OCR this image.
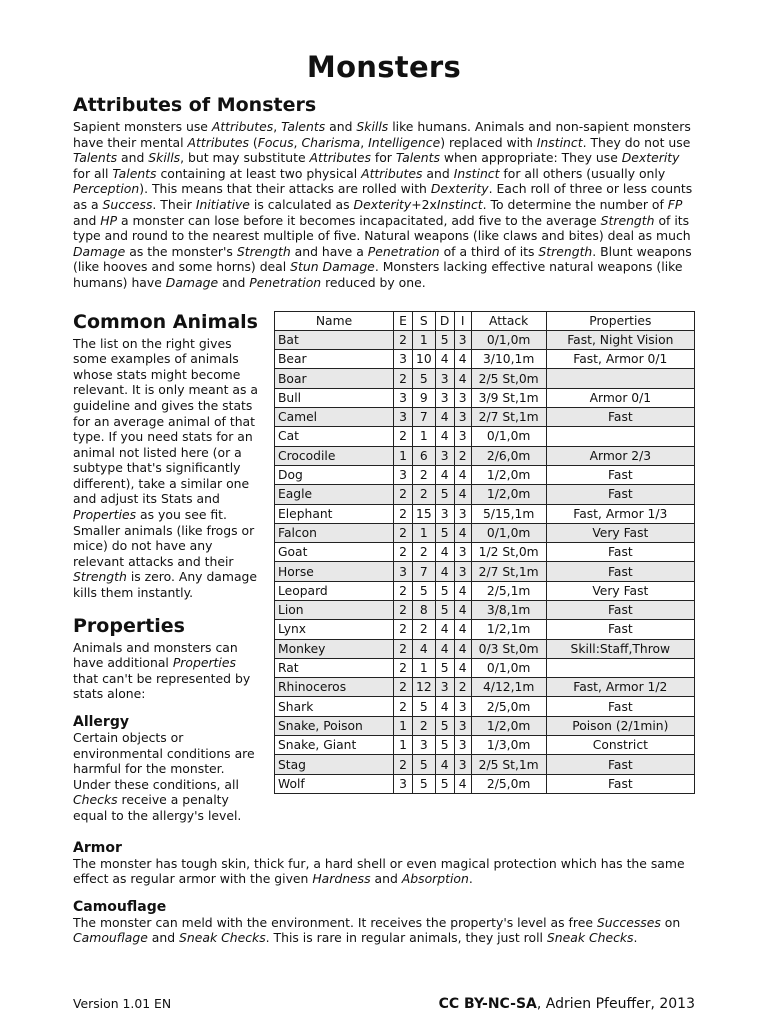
Monsters
Attributes of Monsters

Sapient monsters use Attributes, Talents and Skills like humans. Animals and non-sapient monsters have their mental Attributes (Focus, Charisma, Intelligence) replaced with Instinct. They do not use Talents and Skills, but may substitute Attributes for Talents when appropriate: They use Dexterity for all Talents containing at least two physical Attributes and Instinct for all others (usually only Perception). This means that their attacks are rolled with Dexterity. Each roll of three or less counts as a Success. Their Initiative is calculated as Dexterity+2xInstinct. To determine the number of FP and HP a monster can lose before it becomes incapacitated, add five to the average Strength of its type and round to the nearest multiple of five. Natural weapons (like claws and bites) deal as much Damage as the monster's Strength and have a Penetration of a third of its Strength. Blunt weapons (like hooves and some horns) deal Stun Damage. Monsters lacking effective natural weapons (like humans) have Damage and Penetration reduced by one.

Common Animals

The list on the right gives some examples of animals whose stats might become relevant. It is only meant as a guideline and gives the stats for an average animal of that type. If you need stats for an animal not listed here (or a subtype that's significantly different), take a similar one and adjust its Stats and Properties as you see fit.

Smaller animals (like frogs or mice) do not have any relevant attacks and their Strength is zero. Any damage kills them instantly.

Properties

Animals and monsters can have additional Properties that can't be represented by stats alone:

Allergy

Certain objects or environmental conditions are harmful for the monster. Under these conditions, all Checks receive a penalty equal to the allergy's level.

Name	E	S	D	I	Attack	Properties
Bat	2	1	5	3	0/1,0m	Fast, Night Vision
Bear	3	10	4	4	3/10,1m	Fast, Armor 0/1
Boar	2	5	3	4	2/5 St,0m	
Bull	3	9	3	3	3/9 St,1m	Armor 0/1
Camel	3	7	4	3	2/7 St,1m	Fast
Cat	2	1	4	3	0/1,0m	
Crocodile	1	6	3	2	2/6,0m	Armor 2/3
Dog	3	2	4	4	1/2,0m	Fast
Eagle	2	2	5	4	1/2,0m	Fast
Elephant	2	15	3	3	5/15,1m	Fast, Armor 1/3
Falcon	2	1	5	4	0/1,0m	Very Fast
Goat	2	2	4	3	1/2 St,0m	Fast
Horse	3	7	4	3	2/7 St,1m	Fast
Leopard	2	5	5	4	2/5,1m	Very Fast
Lion	2	8	5	4	3/8,1m	Fast
Lynx	2	2	4	4	1/2,1m	Fast
Monkey	2	4	4	4	0/3 St,0m	Skill:Staff,Throw
Rat	2	1	5	4	0/1,0m	
Rhinoceros	2	12	3	2	4/12,1m	Fast, Armor 1/2
Shark	2	5	4	3	2/5,0m	Fast
Snake, Poison	1	2	5	3	1/2,0m	Poison (2/1min)
Snake, Giant	1	3	5	3	1/3,0m	Constrict
Stag	2	5	4	3	2/5 St,1m	Fast
Wolf	3	5	5	4	2/5,0m	Fast
Armor

The monster has tough skin, thick fur, a hard shell or even magical protection which has the same effect as regular armor with the given Hardness and Absorption.

Camouflage

The monster can meld with the environment. It receives the property's level as free Successes on Camouflage and Sneak Checks. This is rare in regular animals, they just roll Sneak Checks.

Version 1.01 EN	CC BY-NC-SA, Adrien Pfeuffer, 2013
